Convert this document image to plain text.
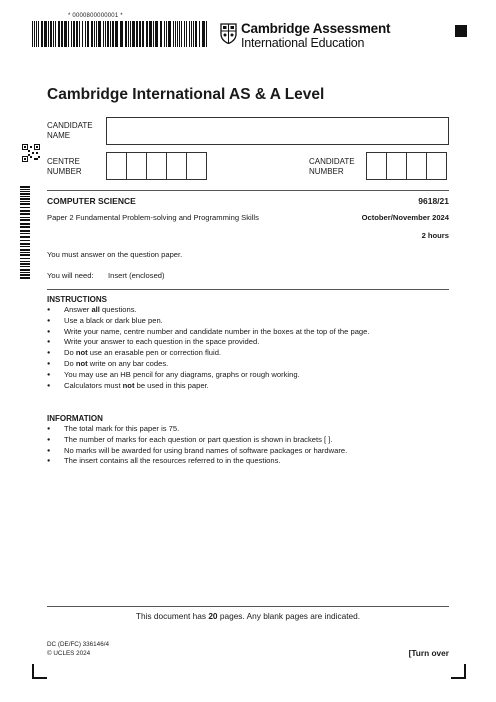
* 0000800000001 *
Cambridge Assessment
International Education
Cambridge International AS & A Level
CANDIDATE
NAME
CENTRE
NUMBER
CANDIDATE
NUMBER
COMPUTER SCIENCE	9618/21
Paper 2 Fundamental Problem-solving and Programming Skills	October/November 2024
2 hours
You must answer on the question paper.
You will need: Insert (enclosed)
INSTRUCTIONS
● Answer all questions.
● Use a black or dark blue pen.
● Write your name, centre number and candidate number in the boxes at the top of the page.
● Write your answer to each question in the space provided.
● Do not use an erasable pen or correction fluid.
● Do not write on any bar codes.
● You may use an HB pencil for any diagrams, graphs or rough working.
● Calculators must not be used in this paper.
INFORMATION
● The total mark for this paper is 75.
● The number of marks for each question or part question is shown in brackets [ ].
● No marks will be awarded for using brand names of software packages or hardware.
● The insert contains all the resources referred to in the questions.
This document has 20 pages. Any blank pages are indicated.
DC (DE/FC) 336146/4
© UCLES 2024	[Turn over
